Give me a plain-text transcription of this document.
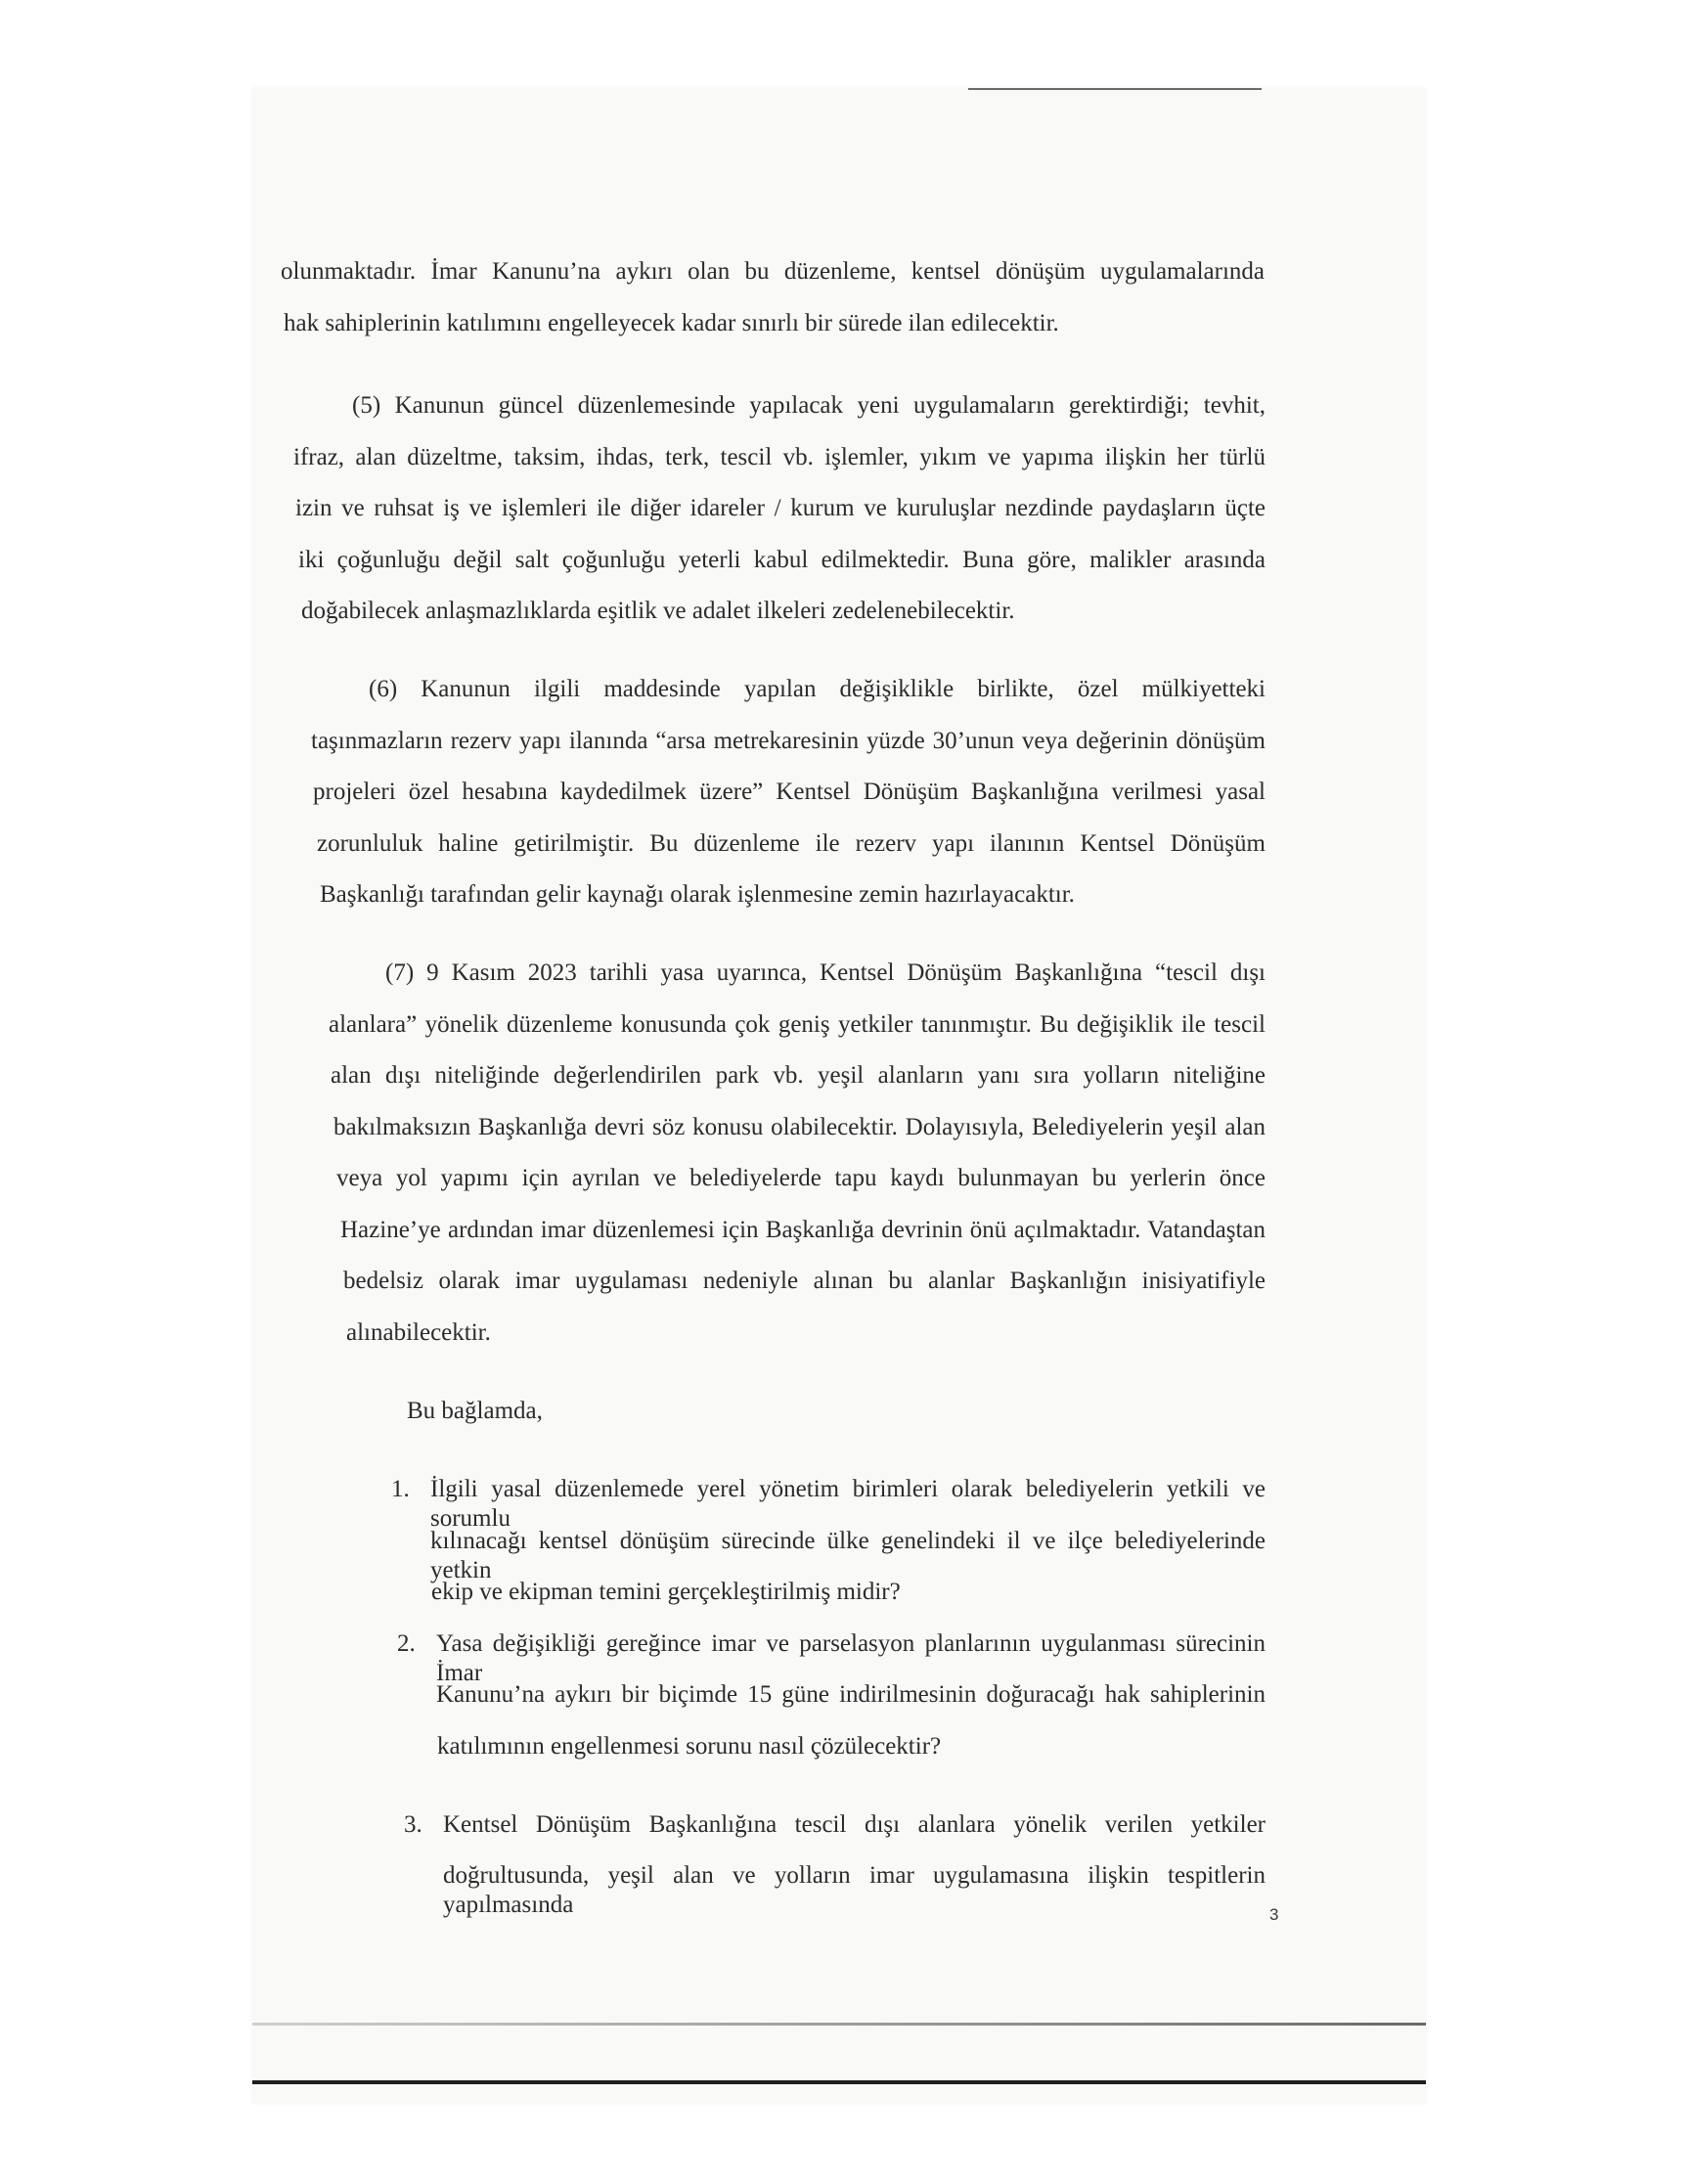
olunmaktadır. İmar Kanunu’na aykırı olan bu düzenleme, kentsel dönüşüm uygulamalarında

hak sahiplerinin katılımını engelleyecek kadar sınırlı bir sürede ilan edilecektir.

(5) Kanunun güncel düzenlemesinde yapılacak yeni uygulamaların gerektirdiği; tevhit,

ifraz, alan düzeltme, taksim, ihdas, terk, tescil vb. işlemler, yıkım ve yapıma ilişkin her türlü

izin ve ruhsat iş ve işlemleri ile diğer idareler / kurum ve kuruluşlar nezdinde paydaşların üçte

iki çoğunluğu değil salt çoğunluğu yeterli kabul edilmektedir. Buna göre, malikler arasında

doğabilecek anlaşmazlıklarda eşitlik ve adalet ilkeleri zedelenebilecektir.

(6) Kanunun ilgili maddesinde yapılan değişiklikle birlikte, özel mülkiyetteki

taşınmazların rezerv yapı ilanında “arsa metrekaresinin yüzde 30’unun veya değerinin dönüşüm

projeleri özel hesabına kaydedilmek üzere” Kentsel Dönüşüm Başkanlığına verilmesi yasal

zorunluluk haline getirilmiştir. Bu düzenleme ile rezerv yapı ilanının Kentsel Dönüşüm

Başkanlığı tarafından gelir kaynağı olarak işlenmesine zemin hazırlayacaktır.

(7) 9 Kasım 2023 tarihli yasa uyarınca, Kentsel Dönüşüm Başkanlığına “tescil dışı

alanlara” yönelik düzenleme konusunda çok geniş yetkiler tanınmıştır. Bu değişiklik ile tescil

alan dışı niteliğinde değerlendirilen park vb. yeşil alanların yanı sıra yolların niteliğine

bakılmaksızın Başkanlığa devri söz konusu olabilecektir. Dolayısıyla, Belediyelerin yeşil alan

veya yol yapımı için ayrılan ve belediyelerde tapu kaydı bulunmayan bu yerlerin önce

Hazine’ye ardından imar düzenlemesi için Başkanlığa devrinin önü açılmaktadır. Vatandaştan

bedelsiz olarak imar uygulaması nedeniyle alınan bu alanlar Başkanlığın inisiyatifiyle

alınabilecektir.

Bu bağlamda,

1. İlgili yasal düzenlemede yerel yönetim birimleri olarak belediyelerin yetkili ve sorumlu

kılınacağı kentsel dönüşüm sürecinde ülke genelindeki il ve ilçe belediyelerinde yetkin

ekip ve ekipman temini gerçekleştirilmiş midir?

2. Yasa değişikliği gereğince imar ve parselasyon planlarının uygulanması sürecinin İmar

Kanunu’na aykırı bir biçimde 15 güne indirilmesinin doğuracağı hak sahiplerinin

katılımının engellenmesi sorunu nasıl çözülecektir?

3. Kentsel Dönüşüm Başkanlığına tescil dışı alanlara yönelik verilen yetkiler

doğrultusunda, yeşil alan ve yolların imar uygulamasına ilişkin tespitlerin yapılmasında	3
